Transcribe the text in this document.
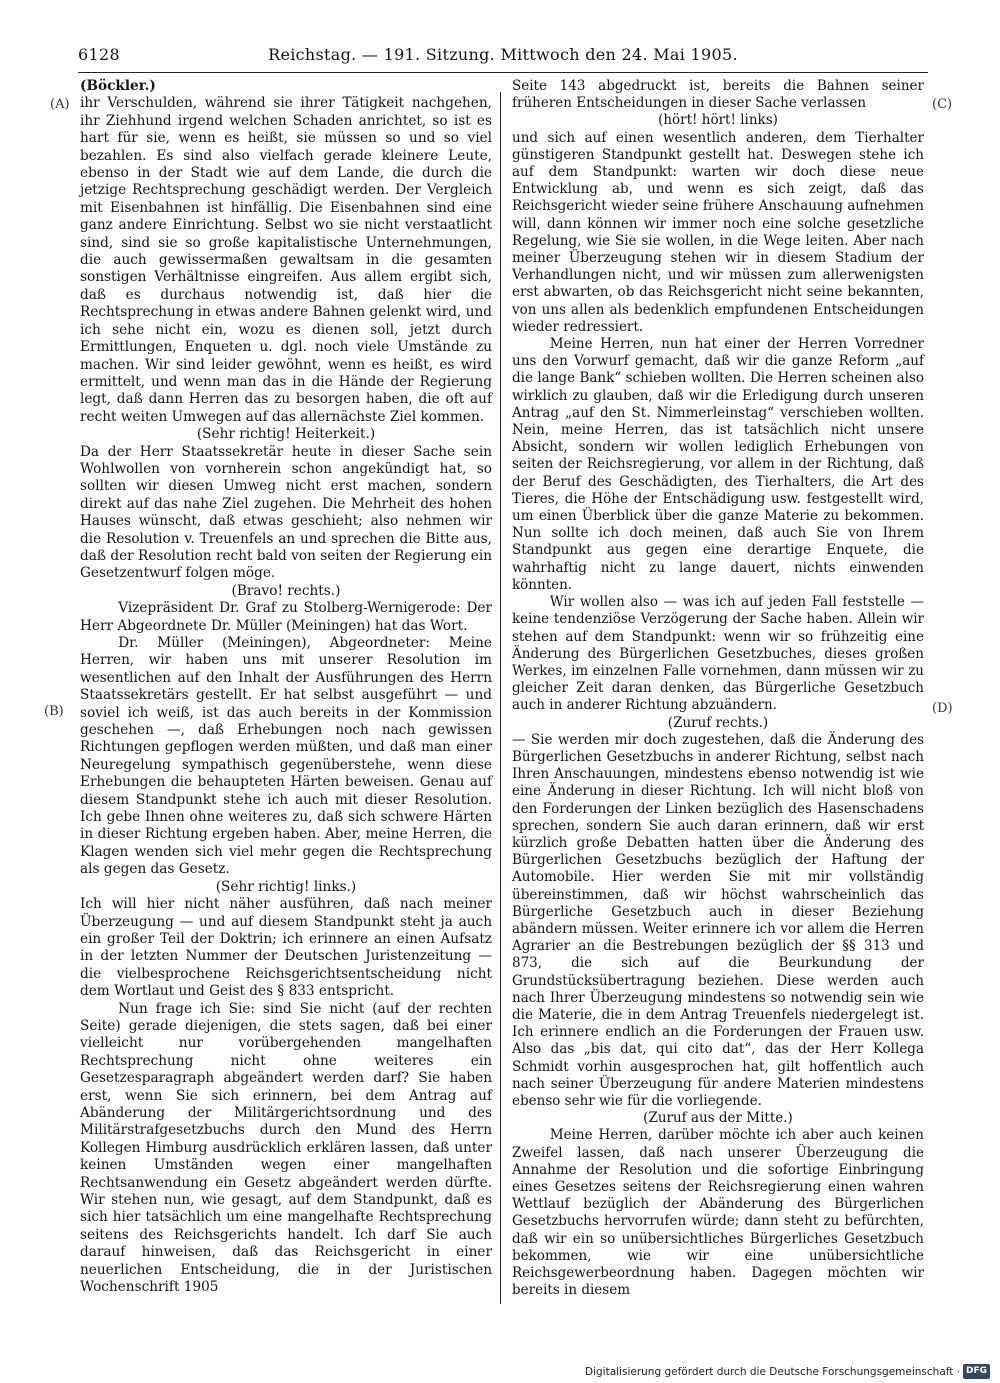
6128	Reichstag. — 191. Sitzung. Mittwoch den 24. Mai 1905.
(A)
(B)
(C)
(D)

(Böckler.)

ihr Verschulden, während sie ihrer Tätigkeit nachgehen, ihr Ziehhund irgend welchen Schaden anrichtet, so ist es hart für sie, wenn es heißt, sie müssen so und so viel bezahlen. Es sind also vielfach gerade kleinere Leute, ebenso in der Stadt wie auf dem Lande, die durch die jetzige Rechtsprechung geschädigt werden. Der Vergleich mit Eisenbahnen ist hinfällig. Die Eisenbahnen sind eine ganz andere Einrichtung. Selbst wo sie nicht verstaatlicht sind, sind sie so große kapitalistische Unternehmungen, die auch gewissermaßen gewaltsam in die gesamten sonstigen Verhältnisse eingreifen. Aus allem ergibt sich, daß es durchaus notwendig ist, daß hier die Rechtsprechung in etwas andere Bahnen gelenkt wird, und ich sehe nicht ein, wozu es dienen soll, jetzt durch Ermittlungen, Enqueten u. dgl. noch viele Umstände zu machen. Wir sind leider gewöhnt, wenn es heißt, es wird ermittelt, und wenn man das in die Hände der Regierung legt, daß dann Herren das zu besorgen haben, die oft auf recht weiten Umwegen auf das allernächste Ziel kommen.

(Sehr richtig! Heiterkeit.)

Da der Herr Staatssekretär heute in dieser Sache sein Wohlwollen von vornherein schon angekündigt hat, so sollten wir diesen Umweg nicht erst machen, sondern direkt auf das nahe Ziel zugehen. Die Mehrheit des hohen Hauses wünscht, daß etwas geschieht; also nehmen wir die Resolution v. Treuenfels an und sprechen die Bitte aus, daß der Resolution recht bald von seiten der Regierung ein Gesetzentwurf folgen möge.

(Bravo! rechts.)

Vizepräsident Dr. Graf zu Stolberg-Wernigerode: Der Herr Abgeordnete Dr. Müller (Meiningen) hat das Wort.

Dr. Müller (Meiningen), Abgeordneter: Meine Herren, wir haben uns mit unserer Resolution im wesentlichen auf den Inhalt der Ausführungen des Herrn Staatssekretärs gestellt. Er hat selbst ausgeführt — und soviel ich weiß, ist das auch bereits in der Kommission geschehen —, daß Erhebungen noch nach gewissen Richtungen gepflogen werden müßten, und daß man einer Neuregelung sympathisch gegenüberstehe, wenn diese Erhebungen die behaupteten Härten beweisen. Genau auf diesem Standpunkt stehe ich auch mit dieser Resolution. Ich gebe Ihnen ohne weiteres zu, daß sich schwere Härten in dieser Richtung ergeben haben. Aber, meine Herren, die Klagen wenden sich viel mehr gegen die Rechtsprechung als gegen das Gesetz.

(Sehr richtig! links.)

Ich will hier nicht näher ausführen, daß nach meiner Überzeugung — und auf diesem Standpunkt steht ja auch ein großer Teil der Doktrin; ich erinnere an einen Aufsatz in der letzten Nummer der Deutschen Juristenzeitung — die vielbesprochene Reichsgerichtsentscheidung nicht dem Wortlaut und Geist des § 833 entspricht.

Nun frage ich Sie: sind Sie nicht (auf der rechten Seite) gerade diejenigen, die stets sagen, daß bei einer vielleicht nur vorübergehenden mangelhaften Rechtsprechung nicht ohne weiteres ein Gesetzesparagraph abgeändert werden darf? Sie haben erst, wenn Sie sich erinnern, bei dem Antrag auf Abänderung der Militärgerichtsordnung und des Militärstrafgesetzbuchs durch den Mund des Herrn Kollegen Himburg ausdrücklich erklären lassen, daß unter keinen Umständen wegen einer mangelhaften Rechtsanwendung ein Gesetz abgeändert werden dürfte. Wir stehen nun, wie gesagt, auf dem Standpunkt, daß es sich hier tatsächlich um eine mangelhafte Rechtsprechung seitens des Reichsgerichts handelt. Ich darf Sie auch darauf hinweisen, daß das Reichsgericht in einer neuerlichen Entscheidung, die in der Juristischen Wochenschrift 1905

Seite 143 abgedruckt ist, bereits die Bahnen seiner früheren Entscheidungen in dieser Sache verlassen

(hört! hört! links)

und sich auf einen wesentlich anderen, dem Tierhalter günstigeren Standpunkt gestellt hat. Deswegen stehe ich auf dem Standpunkt: warten wir doch diese neue Entwicklung ab, und wenn es sich zeigt, daß das Reichsgericht wieder seine frühere Anschauung aufnehmen will, dann können wir immer noch eine solche gesetzliche Regelung, wie Sie sie wollen, in die Wege leiten. Aber nach meiner Überzeugung stehen wir in diesem Stadium der Verhandlungen nicht, und wir müssen zum allerwenigsten erst abwarten, ob das Reichsgericht nicht seine bekannten, von uns allen als bedenklich empfundenen Entscheidungen wieder redressiert.

Meine Herren, nun hat einer der Herren Vorredner uns den Vorwurf gemacht, daß wir die ganze Reform „auf die lange Bank“ schieben wollten. Die Herren scheinen also wirklich zu glauben, daß wir die Erledigung durch unseren Antrag „auf den St. Nimmerleinstag“ verschieben wollten. Nein, meine Herren, das ist tatsächlich nicht unsere Absicht, sondern wir wollen lediglich Erhebungen von seiten der Reichsregierung, vor allem in der Richtung, daß der Beruf des Geschädigten, des Tierhalters, die Art des Tieres, die Höhe der Entschädigung usw. festgestellt wird, um einen Überblick über die ganze Materie zu bekommen. Nun sollte ich doch meinen, daß auch Sie von Ihrem Standpunkt aus gegen eine derartige Enquete, die wahrhaftig nicht zu lange dauert, nichts einwenden könnten.

Wir wollen also — was ich auf jeden Fall feststelle — keine tendenziöse Verzögerung der Sache haben. Allein wir stehen auf dem Standpunkt: wenn wir so frühzeitig eine Änderung des Bürgerlichen Gesetzbuches, dieses großen Werkes, im einzelnen Falle vornehmen, dann müssen wir zu gleicher Zeit daran denken, das Bürgerliche Gesetzbuch auch in anderer Richtung abzuändern.

(Zuruf rechts.)

— Sie werden mir doch zugestehen, daß die Änderung des Bürgerlichen Gesetzbuchs in anderer Richtung, selbst nach Ihren Anschauungen, mindestens ebenso notwendig ist wie eine Änderung in dieser Richtung. Ich will nicht bloß von den Forderungen der Linken bezüglich des Hasenschadens sprechen, sondern Sie auch daran erinnern, daß wir erst kürzlich große Debatten hatten über die Änderung des Bürgerlichen Gesetzbuchs bezüglich der Haftung der Automobile. Hier werden Sie mit mir vollständig übereinstimmen, daß wir höchst wahrscheinlich das Bürgerliche Gesetzbuch auch in dieser Beziehung abändern müssen. Weiter erinnere ich vor allem die Herren Agrarier an die Bestrebungen bezüglich der §§ 313 und 873, die sich auf die Beurkundung der Grundstücksübertragung beziehen. Diese werden auch nach Ihrer Überzeugung mindestens so notwendig sein wie die Materie, die in dem Antrag Treuenfels niedergelegt ist. Ich erinnere endlich an die Forderungen der Frauen usw. Also das „bis dat, qui cito dat“, das der Herr Kollega Schmidt vorhin ausgesprochen hat, gilt hoffentlich auch nach seiner Überzeugung für andere Materien mindestens ebenso sehr wie für die vorliegende.

(Zuruf aus der Mitte.)

Meine Herren, darüber möchte ich aber auch keinen Zweifel lassen, daß nach unserer Überzeugung die Annahme der Resolution und die sofortige Einbringung eines Gesetzes seitens der Reichsregierung einen wahren Wettlauf bezüglich der Abänderung des Bürgerlichen Gesetzbuchs hervorrufen würde; dann steht zu befürchten, daß wir ein so unübersichtliches Bürgerliches Gesetzbuch bekommen, wie wir eine unübersichtliche Reichsgewerbeordnung haben. Dagegen möchten wir bereits in diesem

Digitalisierung gefördert durch die Deutsche Forschungsgemeinschaft · DFG
